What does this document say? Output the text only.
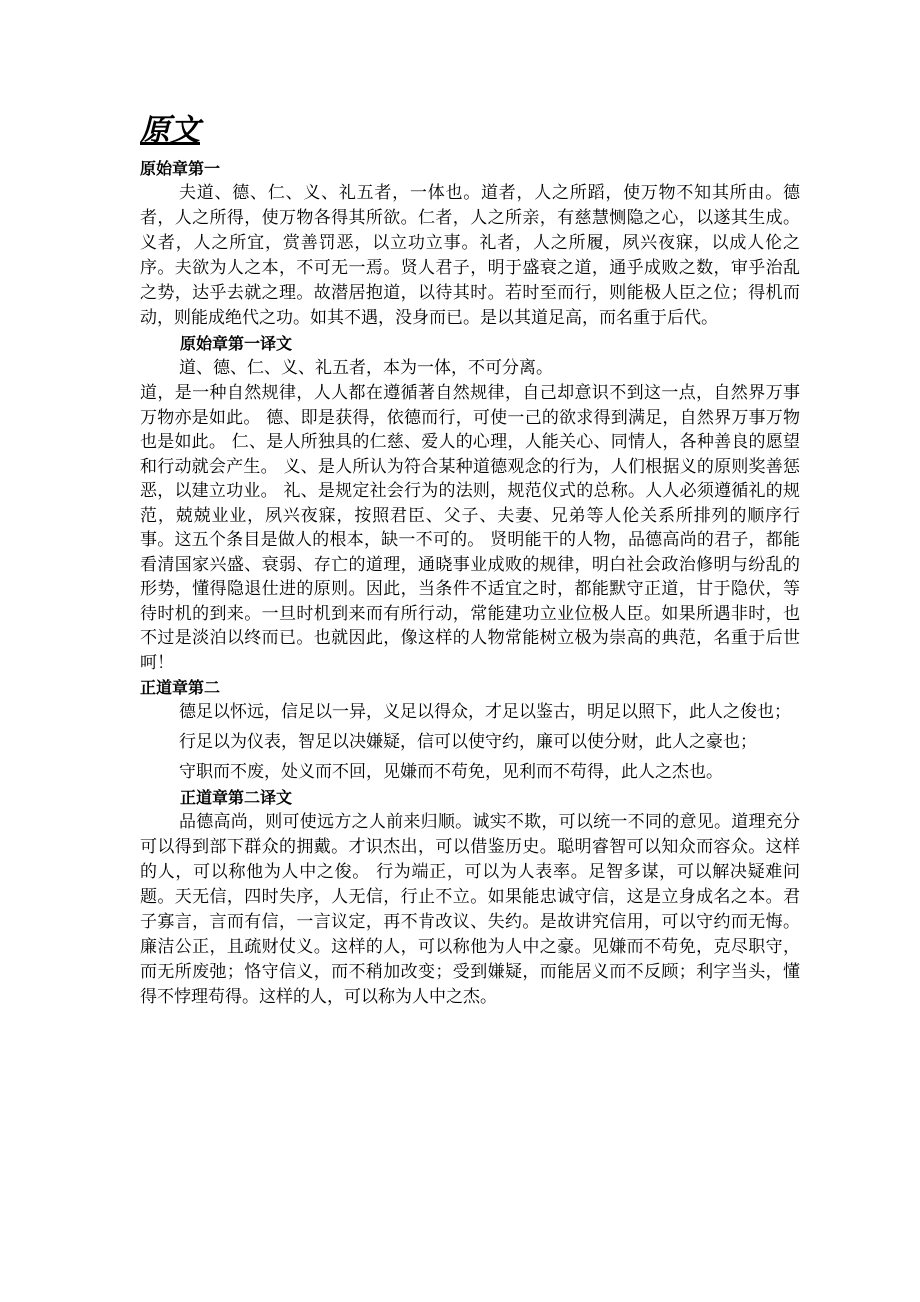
原文
原始章第一
夫道、德、仁、义、礼五者，一体也。道者，人之所蹈，使万物不知其所由。德者，人之所得，使万物各得其所欲。仁者，人之所亲，有慈慧恻隐之心，以遂其生成。义者，人之所宜，赏善罚恶，以立功立事。礼者，人之所履，夙兴夜寐，以成人伦之序。夫欲为人之本，不可无一焉。贤人君子，明于盛衰之道，通乎成败之数，审乎治乱之势，达乎去就之理。故潜居抱道，以待其时。若时至而行，则能极人臣之位；得机而动，则能成绝代之功。如其不遇，没身而已。是以其道足高，而名重于后代。
原始章第一译文
道、德、仁、义、礼五者，本为一体，不可分离。
道，是一种自然规律，人人都在遵循著自然规律，自己却意识不到这一点，自然界万事万物亦是如此。 德、即是获得，依德而行，可使一己的欲求得到满足，自然界万事万物也是如此。 仁、是人所独具的仁慈、爱人的心理，人能关心、同情人，各种善良的愿望和行动就会产生。 义、是人所认为符合某种道德观念的行为，人们根据义的原则奖善惩恶，以建立功业。 礼、是规定社会行为的法则，规范仪式的总称。人人必须遵循礼的规范，兢兢业业，夙兴夜寐，按照君臣、父子、夫妻、兄弟等人伦关系所排列的顺序行事。这五个条目是做人的根本，缺一不可的。 贤明能干的人物，品德高尚的君子，都能看清国家兴盛、衰弱、存亡的道理，通晓事业成败的规律，明白社会政治修明与纷乱的形势，懂得隐退仕进的原则。因此，当条件不适宜之时，都能默守正道，甘于隐伏，等待时机的到来。一旦时机到来而有所行动，常能建功立业位极人臣。如果所遇非时，也不过是淡泊以终而已。也就因此，像这样的人物常能树立极为崇高的典范，名重于后世呵！
正道章第二
德足以怀远，信足以一异，义足以得众，才足以鉴古，明足以照下，此人之俊也；
行足以为仪表，智足以决嫌疑，信可以使守约，廉可以使分财，此人之豪也；
守职而不废，处义而不回，见嫌而不苟免，见利而不苟得，此人之杰也。
正道章第二译文
品德高尚，则可使远方之人前来归顺。诚实不欺，可以统一不同的意见。道理充分可以得到部下群众的拥戴。才识杰出，可以借鉴历史。聪明睿智可以知众而容众。这样的人，可以称他为人中之俊。 行为端正，可以为人表率。足智多谋，可以解决疑难问题。天无信，四时失序，人无信，行止不立。如果能忠诚守信，这是立身成名之本。君子寡言，言而有信，一言议定，再不肯改议、失约。是故讲究信用，可以守约而无悔。廉洁公正，且疏财仗义。这样的人，可以称他为人中之豪。见嫌而不苟免，克尽职守，而无所废弛；恪守信义，而不稍加改变；受到嫌疑，而能居义而不反顾；利字当头，懂得不悖理苟得。这样的人，可以称为人中之杰。
